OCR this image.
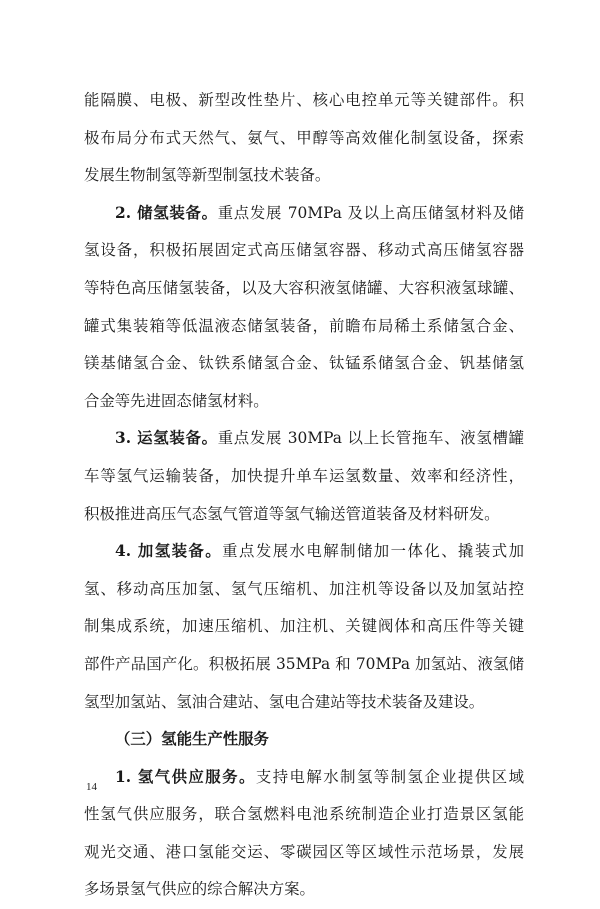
能隔膜、电极、新型改性垫片、核心电控单元等关键部件。积
极布局分布式天然气、氨气、甲醇等高效催化制氢设备，探索
发展生物制氢等新型制氢技术装备。
2. 储氢装备。重点发展 70MPa 及以上高压储氢材料及储
氢设备，积极拓展固定式高压储氢容器、移动式高压储氢容器
等特色高压储氢装备，以及大容积液氢储罐、大容积液氢球罐、
罐式集装箱等低温液态储氢装备，前瞻布局稀土系储氢合金、
镁基储氢合金、钛铁系储氢合金、钛锰系储氢合金、钒基储氢
合金等先进固态储氢材料。
3. 运氢装备。重点发展 30MPa 以上长管拖车、液氢槽罐
车等氢气运输装备，加快提升单车运氢数量、效率和经济性，
积极推进高压气态氢气管道等氢气输送管道装备及材料研发。
4. 加氢装备。重点发展水电解制储加一体化、撬装式加
氢、移动高压加氢、氢气压缩机、加注机等设备以及加氢站控
制集成系统，加速压缩机、加注机、关键阀体和高压件等关键
部件产品国产化。积极拓展 35MPa 和 70MPa 加氢站、液氢储
氢型加氢站、氢油合建站、氢电合建站等技术装备及建设。
（三）氢能生产性服务
1. 氢气供应服务。支持电解水制氢等制氢企业提供区域
性氢气供应服务，联合氢燃料电池系统制造企业打造景区氢能
观光交通、港口氢能交运、零碳园区等区域性示范场景，发展
多场景氢气供应的综合解决方案。
14
